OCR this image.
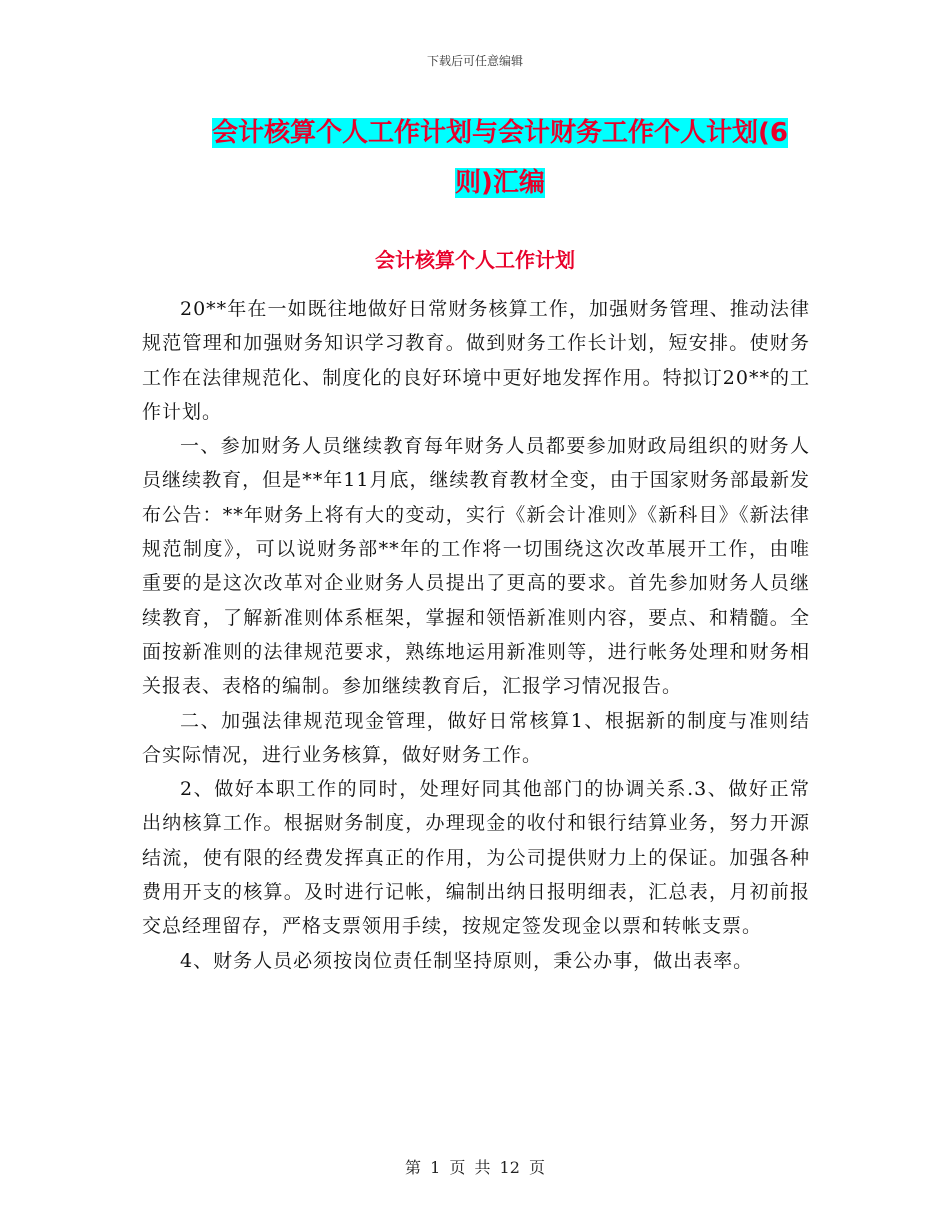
下载后可任意编辑
会计核算个人工作计划与会计财务工作个人计划(6
则)汇编
会计核算个人工作计划

20**年在一如既往地做好日常财务核算工作，加强财务管理、推动法律规范管理和加强财务知识学习教育。做到财务工作长计划，短安排。使财务工作在法律规范化、制度化的良好环境中更好地发挥作用。特拟订20**的工作计划。

一、参加财务人员继续教育每年财务人员都要参加财政局组织的财务人员继续教育，但是**年11月底，继续教育教材全变，由于国家财务部最新发布公告：**年财务上将有大的变动，实行《新会计准则》《新科目》《新法律规范制度》，可以说财务部**年的工作将一切围绕这次改革展开工作，由唯重要的是这次改革对企业财务人员提出了更高的要求。首先参加财务人员继续教育，了解新准则体系框架，掌握和领悟新准则内容，要点、和精髓。全面按新准则的法律规范要求，熟练地运用新准则等，进行帐务处理和财务相关报表、表格的编制。参加继续教育后，汇报学习情况报告。

二、加强法律规范现金管理，做好日常核算1、根据新的制度与准则结合实际情况，进行业务核算，做好财务工作。

2、做好本职工作的同时，处理好同其他部门的协调关系.3、做好正常出纳核算工作。根据财务制度，办理现金的收付和银行结算业务，努力开源结流，使有限的经费发挥真正的作用，为公司提供财力上的保证。加强各种费用开支的核算。及时进行记帐，编制出纳日报明细表，汇总表，月初前报交总经理留存，严格支票领用手续，按规定签发现金以票和转帐支票。

4、财务人员必须按岗位责任制坚持原则，秉公办事，做出表率。

第 1 页 共 12 页
